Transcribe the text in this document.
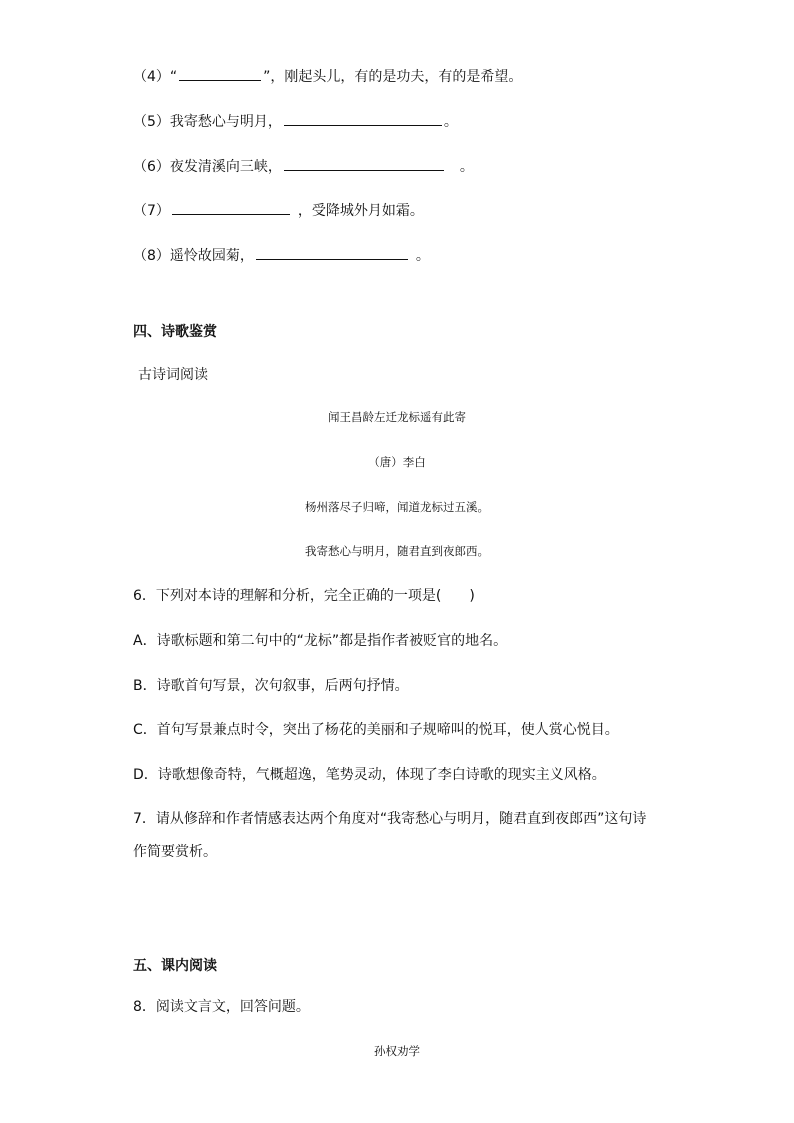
（4）“	”，刚起头儿，有的是功夫，有的是希望。
（5）我寄愁心与明月，	。
（6）夜发清溪向三峡，	。
（7）	，受降城外月如霜。
（8）遥怜故园菊，	。
四、诗歌鉴赏
古诗词阅读
闻王昌龄左迁龙标遥有此寄
（唐）李白
杨州落尽子归啼，闻道龙标过五溪。
我寄愁心与明月，随君直到夜郎西。
6．下列对本诗的理解和分析，完全正确的一项是(　　)
A．诗歌标题和第二句中的“龙标”都是指作者被贬官的地名。
B．诗歌首句写景，次句叙事，后两句抒情。
C．首句写景兼点时令，突出了杨花的美丽和子规啼叫的悦耳，使人赏心悦目。
D．诗歌想像奇特，气概超逸，笔势灵动，体现了李白诗歌的现实主义风格。
7．请从修辞和作者情感表达两个角度对“我寄愁心与明月，随君直到夜郎西”这句诗
作简要赏析。
五、课内阅读
8．阅读文言文，回答问题。
孙权劝学
